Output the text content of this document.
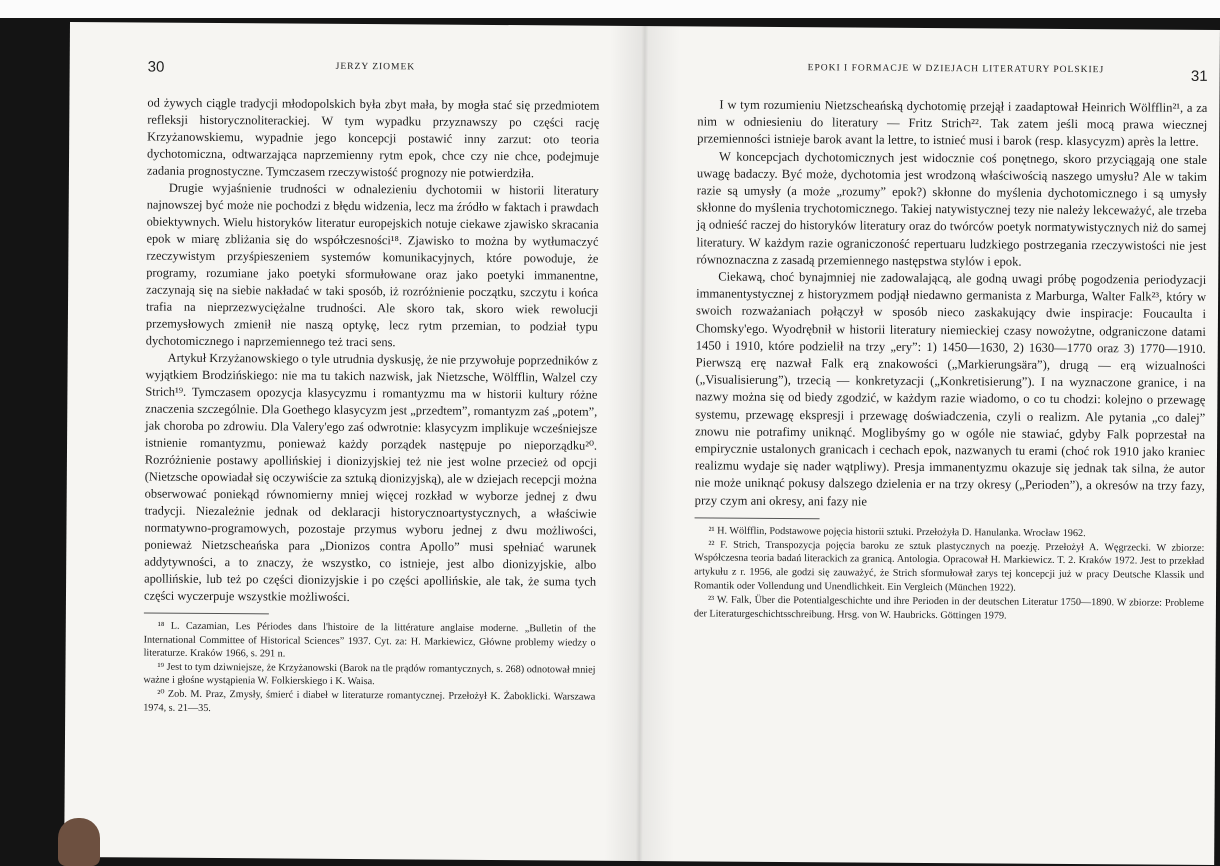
30	JERZY ZIOMEK

od żywych ciągle tradycji młodopolskich była zbyt mała, by mogła stać się przedmiotem refleksji historycznoliterackiej. W tym wypadku przyznawszy po części rację Krzyżanowskiemu, wypadnie jego koncepcji postawić inny zarzut: oto teoria dychotomiczna, odtwarzająca naprzemienny rytm epok, chce czy nie chce, podejmuje zadania prognostyczne. Tymczasem rzeczywistość prognozy nie potwierdziła.

Drugie wyjaśnienie trudności w odnalezieniu dychotomii w historii literatury najnowszej być może nie pochodzi z błędu widzenia, lecz ma źródło w faktach i prawdach obiektywnych. Wielu historyków literatur europejskich notuje ciekawe zjawisko skracania epok w miarę zbliżania się do współczesności¹⁸. Zjawisko to można by wytłumaczyć rzeczywistym przyśpieszeniem systemów komunikacyjnych, które powoduje, że programy, rozumiane jako poetyki sformułowane oraz jako poetyki immanentne, zaczynają się na siebie nakładać w taki sposób, iż rozróżnienie początku, szczytu i końca trafia na nieprzezwyciężalne trudności. Ale skoro tak, skoro wiek rewolucji przemysłowych zmienił nie naszą optykę, lecz rytm przemian, to podział typu dychotomicznego i naprzemiennego też traci sens.

Artykuł Krzyżanowskiego o tyle utrudnia dyskusję, że nie przywołuje poprzedników z wyjątkiem Brodzińskiego: nie ma tu takich nazwisk, jak Nietzsche, Wölfflin, Walzel czy Strich¹⁹. Tymczasem opozycja klasycyzmu i romantyzmu ma w historii kultury różne znaczenia szczególnie. Dla Goethego klasycyzm jest „przedtem”, romantyzm zaś „potem”, jak choroba po zdrowiu. Dla Valery'ego zaś odwrotnie: klasycyzm implikuje wcześniejsze istnienie romantyzmu, ponieważ każdy porządek następuje po nieporządku²⁰. Rozróżnienie postawy apollińskiej i dionizyjskiej też nie jest wolne przecież od opcji (Nietzsche opowiadał się oczywiście za sztuką dionizyjską), ale w dziejach recepcji można obserwować poniekąd równomierny mniej więcej rozkład w wyborze jednej z dwu tradycji. Niezależnie jednak od deklaracji historycznoartystycznych, a właściwie normatywno-programowych, pozostaje przymus wyboru jednej z dwu możliwości, ponieważ Nietzscheańska para „Dionizos contra Apollo” musi spełniać warunek addytywności, a to znaczy, że wszystko, co istnieje, jest albo dionizyjskie, albo apollińskie, lub też po części dionizyjskie i po części apollińskie, ale tak, że suma tych części wyczerpuje wszystkie możliwości.

¹⁸ L. Cazamian, Les Périodes dans l'histoire de la littérature anglaise moderne. „Bulletin of the International Committee of Historical Sciences” 1937. Cyt. za: H. Markiewicz, Główne problemy wiedzy o literaturze. Kraków 1966, s. 291 n.

¹⁹ Jest to tym dziwniejsze, że Krzyżanowski (Barok na tle prądów romantycznych, s. 268) odnotował mniej ważne i głośne wystąpienia W. Folkierskiego i K. Waisa.

²⁰ Zob. M. Praz, Zmysły, śmierć i diabeł w literaturze romantycznej. Przełożył K. Żaboklicki. Warszawa 1974, s. 21—35.

EPOKI I FORMACJE W DZIEJACH LITERATURY POLSKIEJ	31

I w tym rozumieniu Nietzscheańską dychotomię przejął i zaadaptował Heinrich Wölfflin²¹, a za nim w odniesieniu do literatury — Fritz Strich²². Tak zatem jeśli mocą prawa wiecznej przemienności istnieje barok avant la lettre, to istnieć musi i barok (resp. klasycyzm) après la lettre.

W koncepcjach dychotomicznych jest widocznie coś ponętnego, skoro przyciągają one stale uwagę badaczy. Być może, dychotomia jest wrodzoną właściwością naszego umysłu? Ale w takim razie są umysły (a może „rozumy” epok?) skłonne do myślenia dychotomicznego i są umysły skłonne do myślenia trychotomicznego. Takiej natywistycznej tezy nie należy lekceważyć, ale trzeba ją odnieść raczej do historyków literatury oraz do twórców poetyk normatywistycznych niż do samej literatury. W każdym razie ograniczoność repertuaru ludzkiego postrzegania rzeczywistości nie jest równoznaczna z zasadą przemiennego następstwa stylów i epok.

Ciekawą, choć bynajmniej nie zadowalającą, ale godną uwagi próbę pogodzenia periodyzacji immanentystycznej z historyzmem podjął niedawno germanista z Marburga, Walter Falk²³, który w swoich rozważaniach połączył w sposób nieco zaskakujący dwie inspiracje: Foucaulta i Chomsky'ego. Wyodrębnił w historii literatury niemieckiej czasy nowożytne, odgraniczone datami 1450 i 1910, które podzielił na trzy „ery”: 1) 1450—1630, 2) 1630—1770 oraz 3) 1770—1910. Pierwszą erę nazwał Falk erą znakowości („Markierungsära”), drugą — erą wizualności („Visualisierung”), trzecią — konkretyzacji („Konkretisierung”). I na wyznaczone granice, i na nazwy można się od biedy zgodzić, w każdym razie wiadomo, o co tu chodzi: kolejno o przewagę systemu, przewagę ekspresji i przewagę doświadczenia, czyli o realizm. Ale pytania „co dalej” znowu nie potrafimy uniknąć. Moglibyśmy go w ogóle nie stawiać, gdyby Falk poprzestał na empirycznie ustalonych granicach i cechach epok, nazwanych tu erami (choć rok 1910 jako kraniec realizmu wydaje się nader wątpliwy). Presja immanentyzmu okazuje się jednak tak silna, że autor nie może uniknąć pokusy dalszego dzielenia er na trzy okresy („Perioden”), a okresów na trzy fazy, przy czym ani okresy, ani fazy nie

²¹ H. Wölfflin, Podstawowe pojęcia historii sztuki. Przełożyła D. Hanulanka. Wrocław 1962.

²² F. Strich, Transpozycja pojęcia baroku ze sztuk plastycznych na poezję. Przełożył A. Węgrzecki. W zbiorze: Współczesna teoria badań literackich za granicą. Antologia. Opracował H. Markiewicz. T. 2. Kraków 1972. Jest to przekład artykułu z r. 1956, ale godzi się zauważyć, że Strich sformułował zarys tej koncepcji już w pracy Deutsche Klassik und Romantik oder Vollendung und Unendlichkeit. Ein Vergleich (München 1922).

²³ W. Falk, Über die Potentialgeschichte und ihre Perioden in der deutschen Literatur 1750—1890. W zbiorze: Probleme der Literaturgeschichtsschreibung. Hrsg. von W. Haubricks. Göttingen 1979.
